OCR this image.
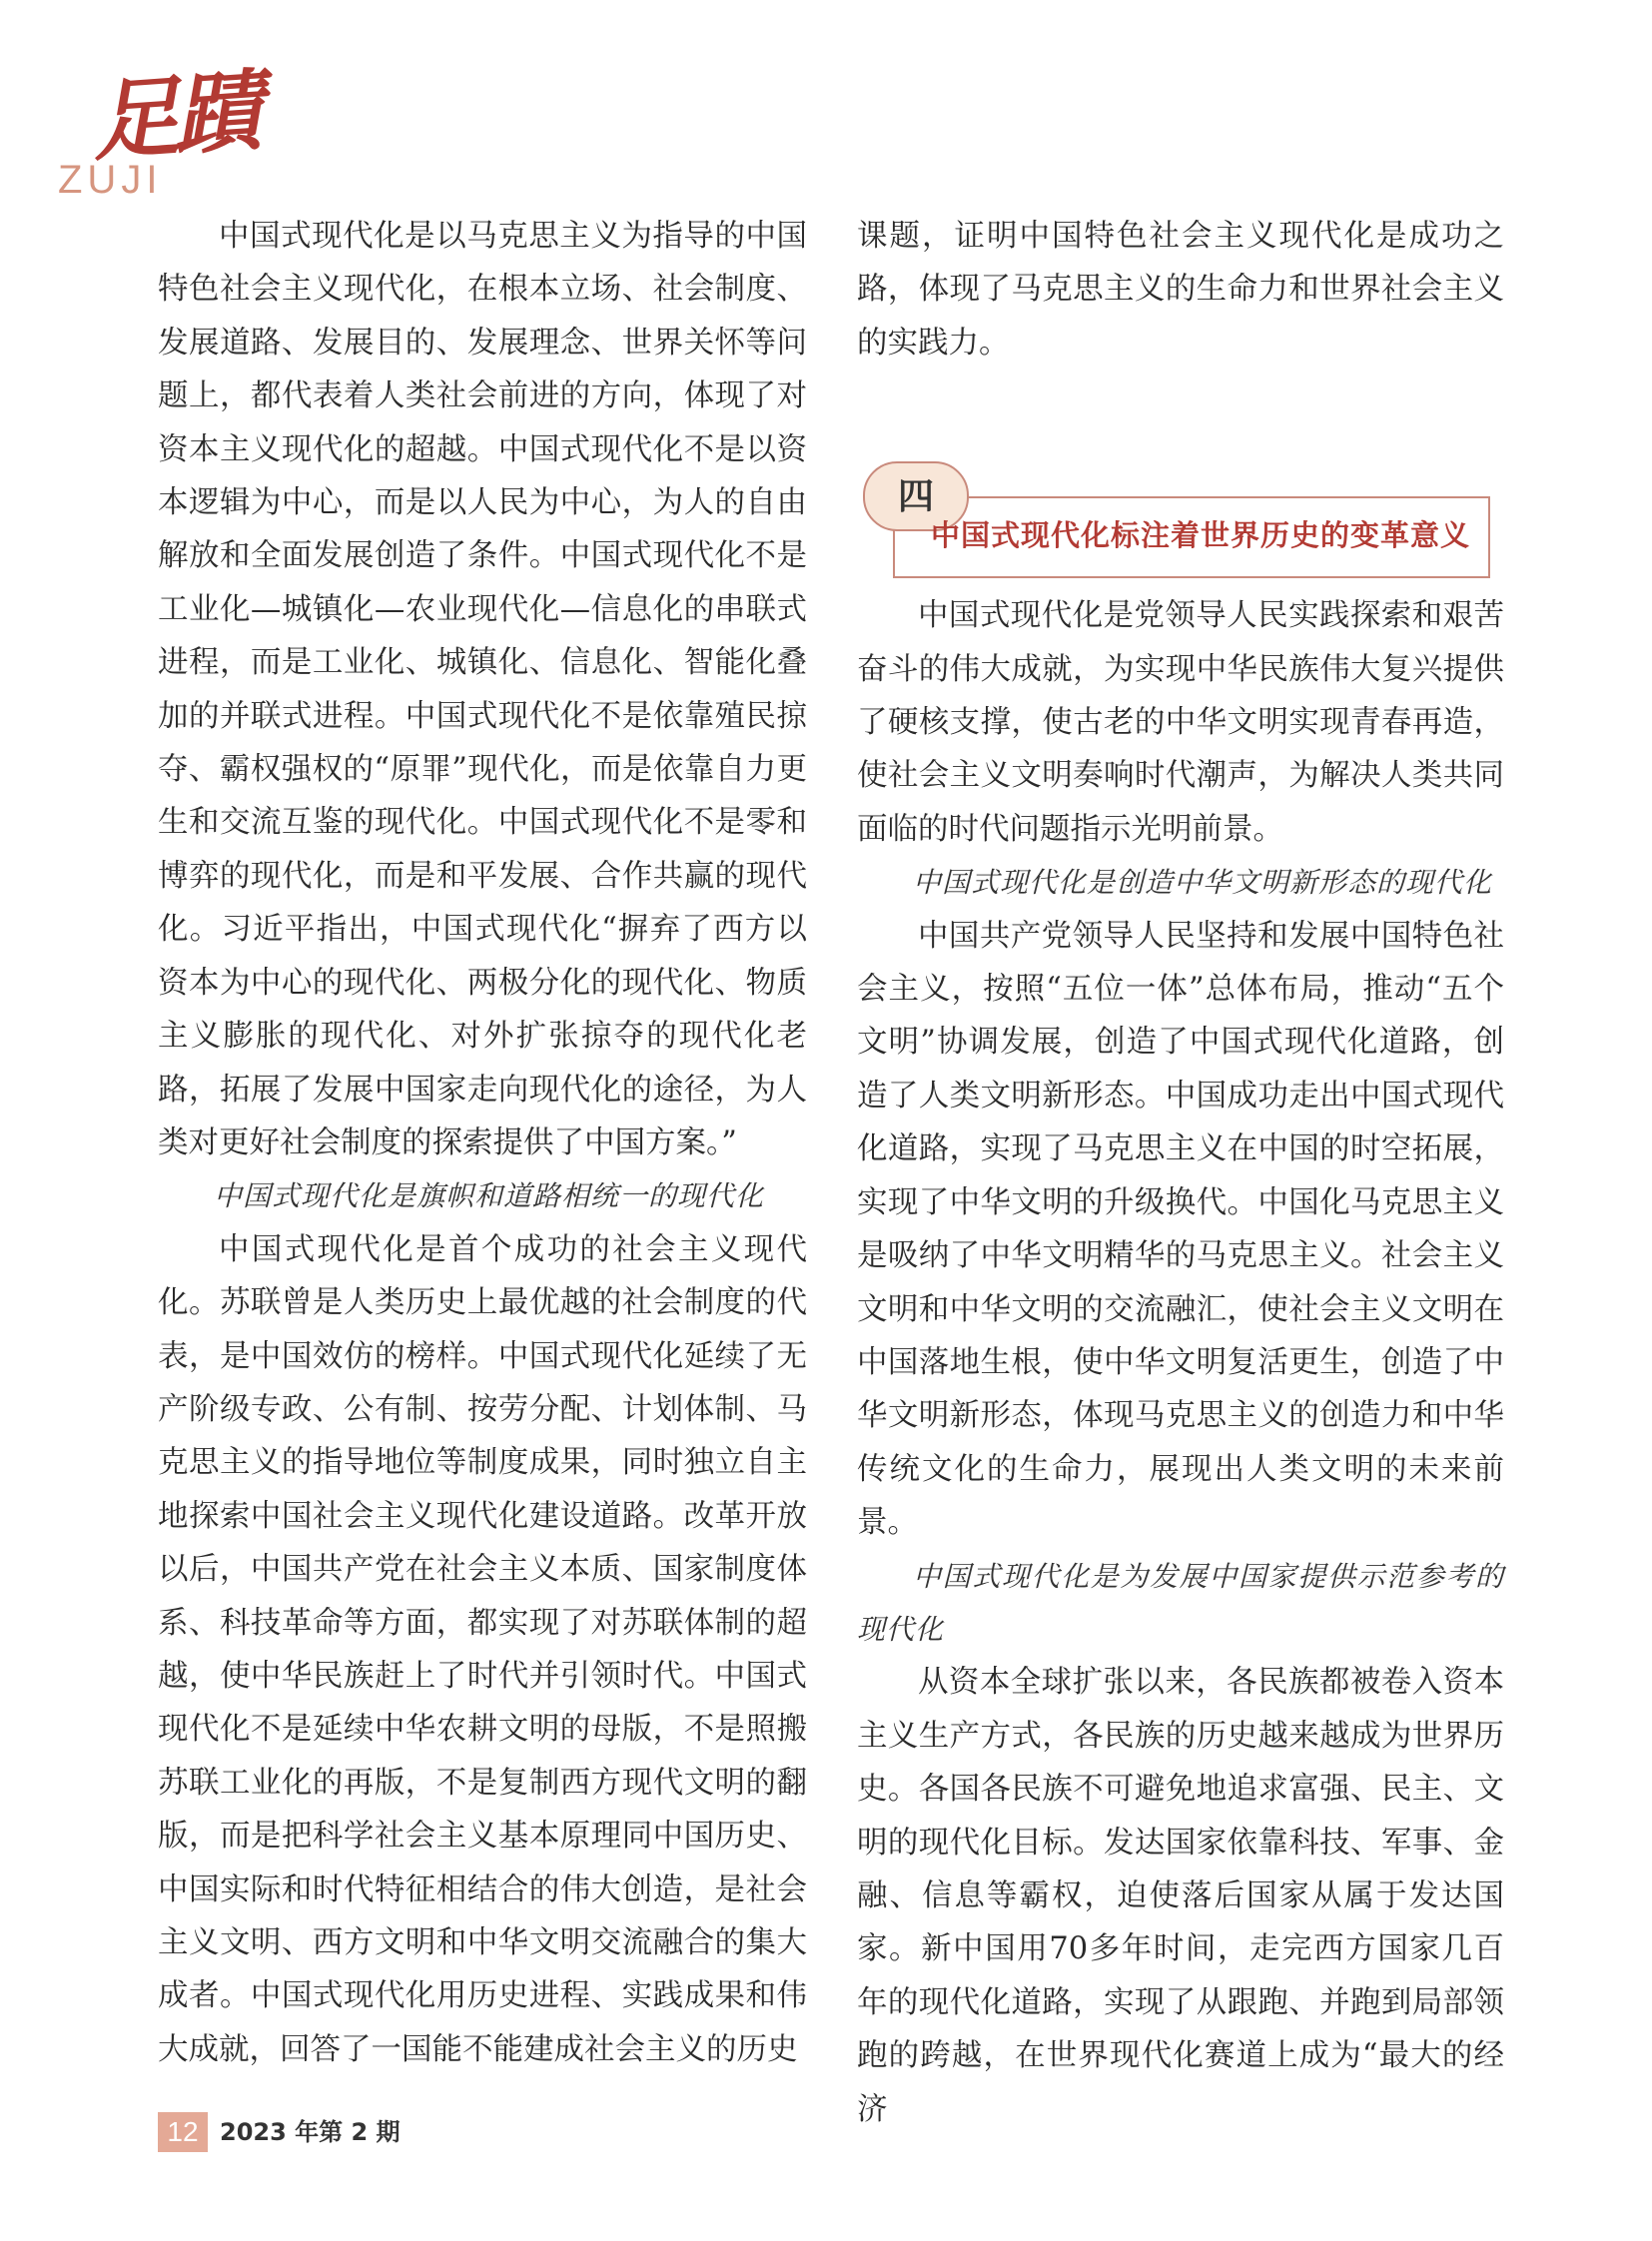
足蹟
ZUJI

中国式现代化是以马克思主义为指导的中国特色社会主义现代化，在根本立场、社会制度、发展道路、发展目的、发展理念、世界关怀等问题上，都代表着人类社会前进的方向，体现了对资本主义现代化的超越。中国式现代化不是以资本逻辑为中心，而是以人民为中心，为人的自由解放和全面发展创造了条件。中国式现代化不是工业化—城镇化—农业现代化—信息化的串联式进程，而是工业化、城镇化、信息化、智能化叠加的并联式进程。中国式现代化不是依靠殖民掠夺、霸权强权的“原罪”现代化，而是依靠自力更生和交流互鉴的现代化。中国式现代化不是零和博弈的现代化，而是和平发展、合作共赢的现代化。习近平指出，中国式现代化“摒弃了西方以资本为中心的现代化、两极分化的现代化、物质主义膨胀的现代化、对外扩张掠夺的现代化老路，拓展了发展中国家走向现代化的途径，为人类对更好社会制度的探索提供了中国方案。”

中国式现代化是旗帜和道路相统一的现代化

中国式现代化是首个成功的社会主义现代化。苏联曾是人类历史上最优越的社会制度的代表，是中国效仿的榜样。中国式现代化延续了无产阶级专政、公有制、按劳分配、计划体制、马克思主义的指导地位等制度成果，同时独立自主地探索中国社会主义现代化建设道路。改革开放以后，中国共产党在社会主义本质、国家制度体系、科技革命等方面，都实现了对苏联体制的超越，使中华民族赶上了时代并引领时代。中国式现代化不是延续中华农耕文明的母版，不是照搬苏联工业化的再版，不是复制西方现代文明的翻版，而是把科学社会主义基本原理同中国历史、中国实际和时代特征相结合的伟大创造，是社会主义文明、西方文明和中华文明交流融合的集大成者。中国式现代化用历史进程、实践成果和伟大成就，回答了一国能不能建成社会主义的历史

课题，证明中国特色社会主义现代化是成功之路，体现了马克思主义的生命力和世界社会主义的实践力。

四
中国式现代化标注着世界历史的变革意义

中国式现代化是党领导人民实践探索和艰苦奋斗的伟大成就，为实现中华民族伟大复兴提供了硬核支撑，使古老的中华文明实现青春再造，使社会主义文明奏响时代潮声，为解决人类共同面临的时代问题指示光明前景。

中国式现代化是创造中华文明新形态的现代化

中国共产党领导人民坚持和发展中国特色社会主义，按照“五位一体”总体布局，推动“五个文明”协调发展，创造了中国式现代化道路，创造了人类文明新形态。中国成功走出中国式现代化道路，实现了马克思主义在中国的时空拓展，实现了中华文明的升级换代。中国化马克思主义是吸纳了中华文明精华的马克思主义。社会主义文明和中华文明的交流融汇，使社会主义文明在中国落地生根，使中华文明复活更生，创造了中华文明新形态，体现马克思主义的创造力和中华传统文化的生命力，展现出人类文明的未来前景。

中国式现代化是为发展中国家提供示范参考的现代化

从资本全球扩张以来，各民族都被卷入资本主义生产方式，各民族的历史越来越成为世界历史。各国各民族不可避免地追求富强、民主、文明的现代化目标。发达国家依靠科技、军事、金融、信息等霸权，迫使落后国家从属于发达国家。新中国用70多年时间，走完西方国家几百年的现代化道路，实现了从跟跑、并跑到局部领跑的跨越，在世界现代化赛道上成为“最大的经济

12 2023 年第 2 期
